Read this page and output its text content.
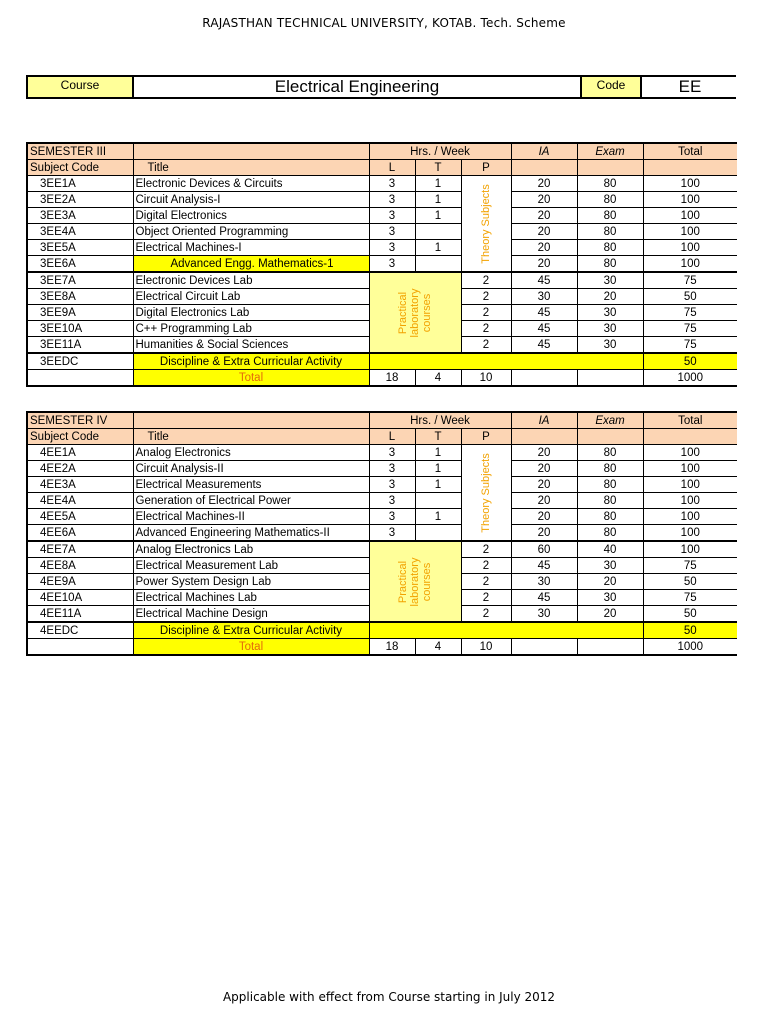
RAJASTHAN TECHNICAL UNIVERSITY, KOTAB. Tech. Scheme
Course	Electrical Engineering	Code	EE
SEMESTER III		Hrs. / Week			IA	Exam	Total
Subject Code	Title	L	T	P			
3EE1A	Electronic Devices & Circuits	3	1	Theory Subjects	20	80	100
3EE2A	Circuit Analysis-I	3	1		20	80	100
3EE3A	Digital Electronics	3	1		20	80	100
3EE4A	Object Oriented Programming	3			20	80	100
3EE5A	Electrical Machines-I	3	1		20	80	100
3EE6A	Advanced Engg. Mathematics-1	3			20	80	100
3EE7A	Electronic Devices Lab	Practical laboratory courses		2	45	30	75
3EE8A	Electrical Circuit Lab			2	30	20	50
3EE9A	Digital Electronics Lab			2	45	30	75
3EE10A	C++ Programming Lab			2	45	30	75
3EE11A	Humanities & Social Sciences			2	45	30	75
3EEDC	Discipline & Extra Curricular Activity						50
	Total	18	4	10			1000
SEMESTER IV		Hrs. / Week			IA	Exam	Total
Subject Code	Title	L	T	P			
4EE1A	Analog Electronics	3	1	Theory Subjects	20	80	100
4EE2A	Circuit Analysis-II	3	1		20	80	100
4EE3A	Electrical Measurements	3	1		20	80	100
4EE4A	Generation of Electrical Power	3			20	80	100
4EE5A	Electrical Machines-II	3	1		20	80	100
4EE6A	Advanced Engineering Mathematics-II	3			20	80	100
4EE7A	Analog Electronics Lab	Practical laboratory courses		2	60	40	100
4EE8A	Electrical Measurement Lab			2	45	30	75
4EE9A	Power System Design Lab			2	30	20	50
4EE10A	Electrical Machines Lab			2	45	30	75
4EE11A	Electrical Machine Design			2	30	20	50
4EEDC	Discipline & Extra Curricular Activity						50
	Total	18	4	10			1000
Applicable with effect from Course starting in July 2012
